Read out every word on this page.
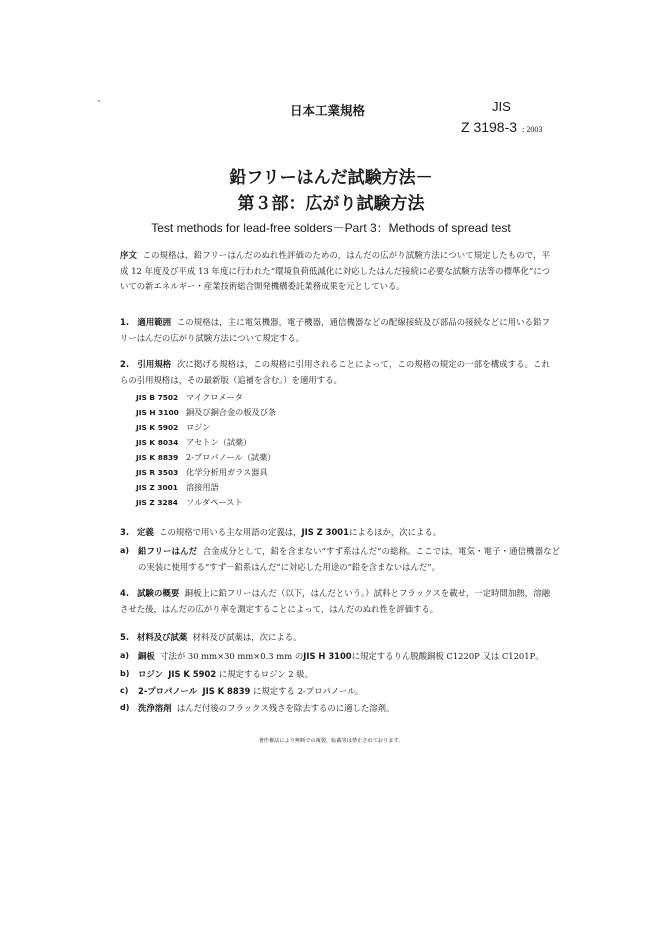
日本工業規格	JIS
Z 3198-3 : 2003
鉛フリーはんだ試験方法－
第３部：広がり試験方法
Test methods for lead-free solders－Part 3：Methods of spread test
序文 この規格は，鉛フリーはんだのぬれ性評価のための，はんだの広がり試験方法について規定したもので，平成 12 年度及び平成 13 年度に行われた“環境負荷低減化に対応したはんだ接続に必要な試験方法等の標準化”についての新エネルギー・産業技術総合開発機構委託業務成果を元としている。
1. 適用範囲 この規格は，主に電気機器，電子機器，通信機器などの配線接続及び部品の接続などに用いる鉛フリーはんだの広がり試験方法について規定する。
2. 引用規格 次に掲げる規格は，この規格に引用されることによって，この規格の規定の一部を構成する。これらの引用規格は，その最新版（追補を含む。）を適用する。
JIS B 7502 マイクロメータ
JIS H 3100 銅及び銅合金の板及び条
JIS K 5902 ロジン
JIS K 8034 アセトン（試薬）
JIS K 8839 2-プロパノール（試薬）
JIS R 3503 化学分析用ガラス器具
JIS Z 3001 溶接用語
JIS Z 3284 ソルダペースト
3. 定義 この規格で用いる主な用語の定義は，JIS Z 3001によるほか，次による。
a)	鉛フリーはんだ 合金成分として，鉛を含まない“すず系はんだ”の総称。ここでは，電気・電子・通信機器などの実装に使用する“すず－鉛系はんだ”に対応した用途の“鉛を含まないはんだ”。
4. 試験の概要 銅板上に鉛フリーはんだ（以下，はんだという。）試料とフラックスを載せ，一定時間加熱，溶融させた後，はんだの広がり率を測定することによって，はんだのぬれ性を評価する。
5. 材料及び試薬 材料及び試薬は，次による。
a)	銅板 寸法が 30 mm×30 mm×0.3 mm のJIS H 3100に規定するりん脱酸銅板 C1220P 又は C1201P。
b)	ロジン JIS K 5902 に規定するロジン 2 級。
c)	2-プロパノール JIS K 8839 に規定する 2-プロパノール。
d)	洗浄溶剤 はんだ付後のフラックス残さを除去するのに適した溶剤。
著作権法により無断での複製，転載等は禁止されております。
